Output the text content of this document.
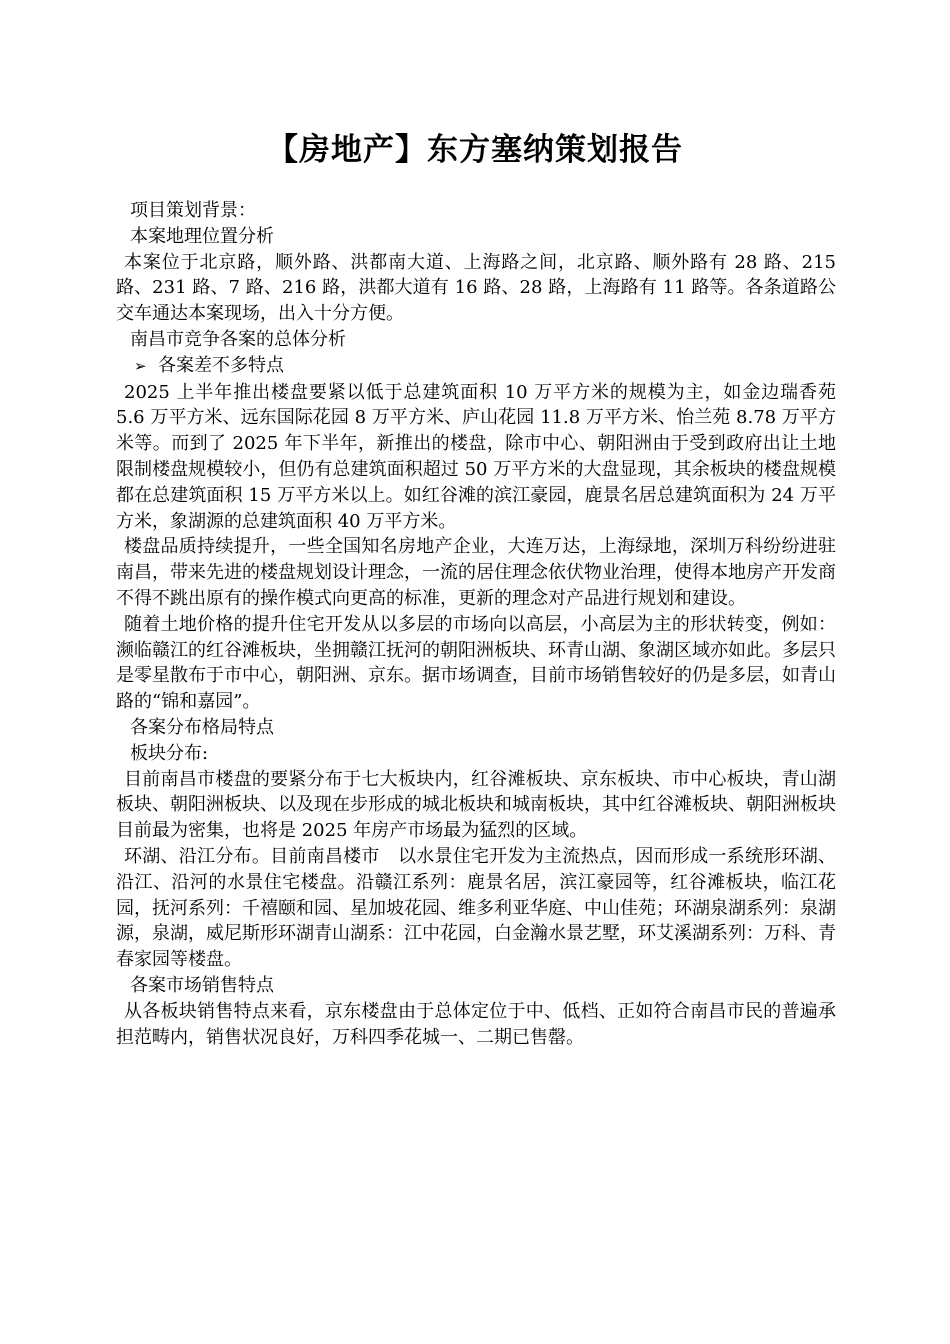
【房地产】东方塞纳策划报告

项目策划背景：

本案地理位置分析

本案位于北京路，顺外路、洪都南大道、上海路之间，北京路、顺外路有 28 路、215 路、231 路、7 路、216 路，洪都大道有 16 路、28 路，上海路有 11 路等。各条道路公交车通达本案现场，出入十分方便。

南昌市竞争各案的总体分析

➢ 各案差不多特点

2025 上半年推出楼盘要紧以低于总建筑面积 10 万平方米的规模为主，如金边瑞香苑 5.6 万平方米、远东国际花园 8 万平方米、庐山花园 11.8 万平方米、怡兰苑 8.78 万平方米等。而到了 2025 年下半年，新推出的楼盘，除市中心、朝阳洲由于受到政府出让土地限制楼盘规模较小，但仍有总建筑面积超过 50 万平方米的大盘显现，其余板块的楼盘规模都在总建筑面积 15 万平方米以上。如红谷滩的滨江豪园，鹿景名居总建筑面积为 24 万平方米，象湖源的总建筑面积 40 万平方米。

楼盘品质持续提升，一些全国知名房地产企业，大连万达，上海绿地，深圳万科纷纷进驻南昌，带来先进的楼盘规划设计理念，一流的居住理念依伏物业治理，使得本地房产开发商不得不跳出原有的操作模式向更高的标准，更新的理念对产品进行规划和建设。

随着土地价格的提升住宅开发从以多层的市场向以高层，小高层为主的形状转变，例如：濒临赣江的红谷滩板块，坐拥赣江抚河的朝阳洲板块、环青山湖、象湖区域亦如此。多层只是零星散布于市中心，朝阳洲、京东。据市场调查，目前市场销售较好的仍是多层，如青山路的“锦和嘉园”。

各案分布格局特点

板块分布:

目前南昌市楼盘的要紧分布于七大板块内，红谷滩板块、京东板块、市中心板块，青山湖板块、朝阳洲板块、以及现在步形成的城北板块和城南板块，其中红谷滩板块、朝阳洲板块目前最为密集，也将是 2025 年房产市场最为猛烈的区域。

环湖、沿江分布。目前南昌楼市　以水景住宅开发为主流热点，因而形成一系统形环湖、沿江、沿河的水景住宅楼盘。沿赣江系列：鹿景名居，滨江豪园等，红谷滩板块，临江花园，抚河系列：千禧颐和园、星加坡花园、维多利亚华庭、中山佳苑；环湖泉湖系列：泉湖源，泉湖，威尼斯形环湖青山湖系：江中花园，白金瀚水景艺墅，环艾溪湖系列：万科、青春家园等楼盘。

各案市场销售特点

从各板块销售特点来看，京东楼盘由于总体定位于中、低档、正如符合南昌市民的普遍承担范畴内，销售状况良好，万科四季花城一、二期已售罄。
